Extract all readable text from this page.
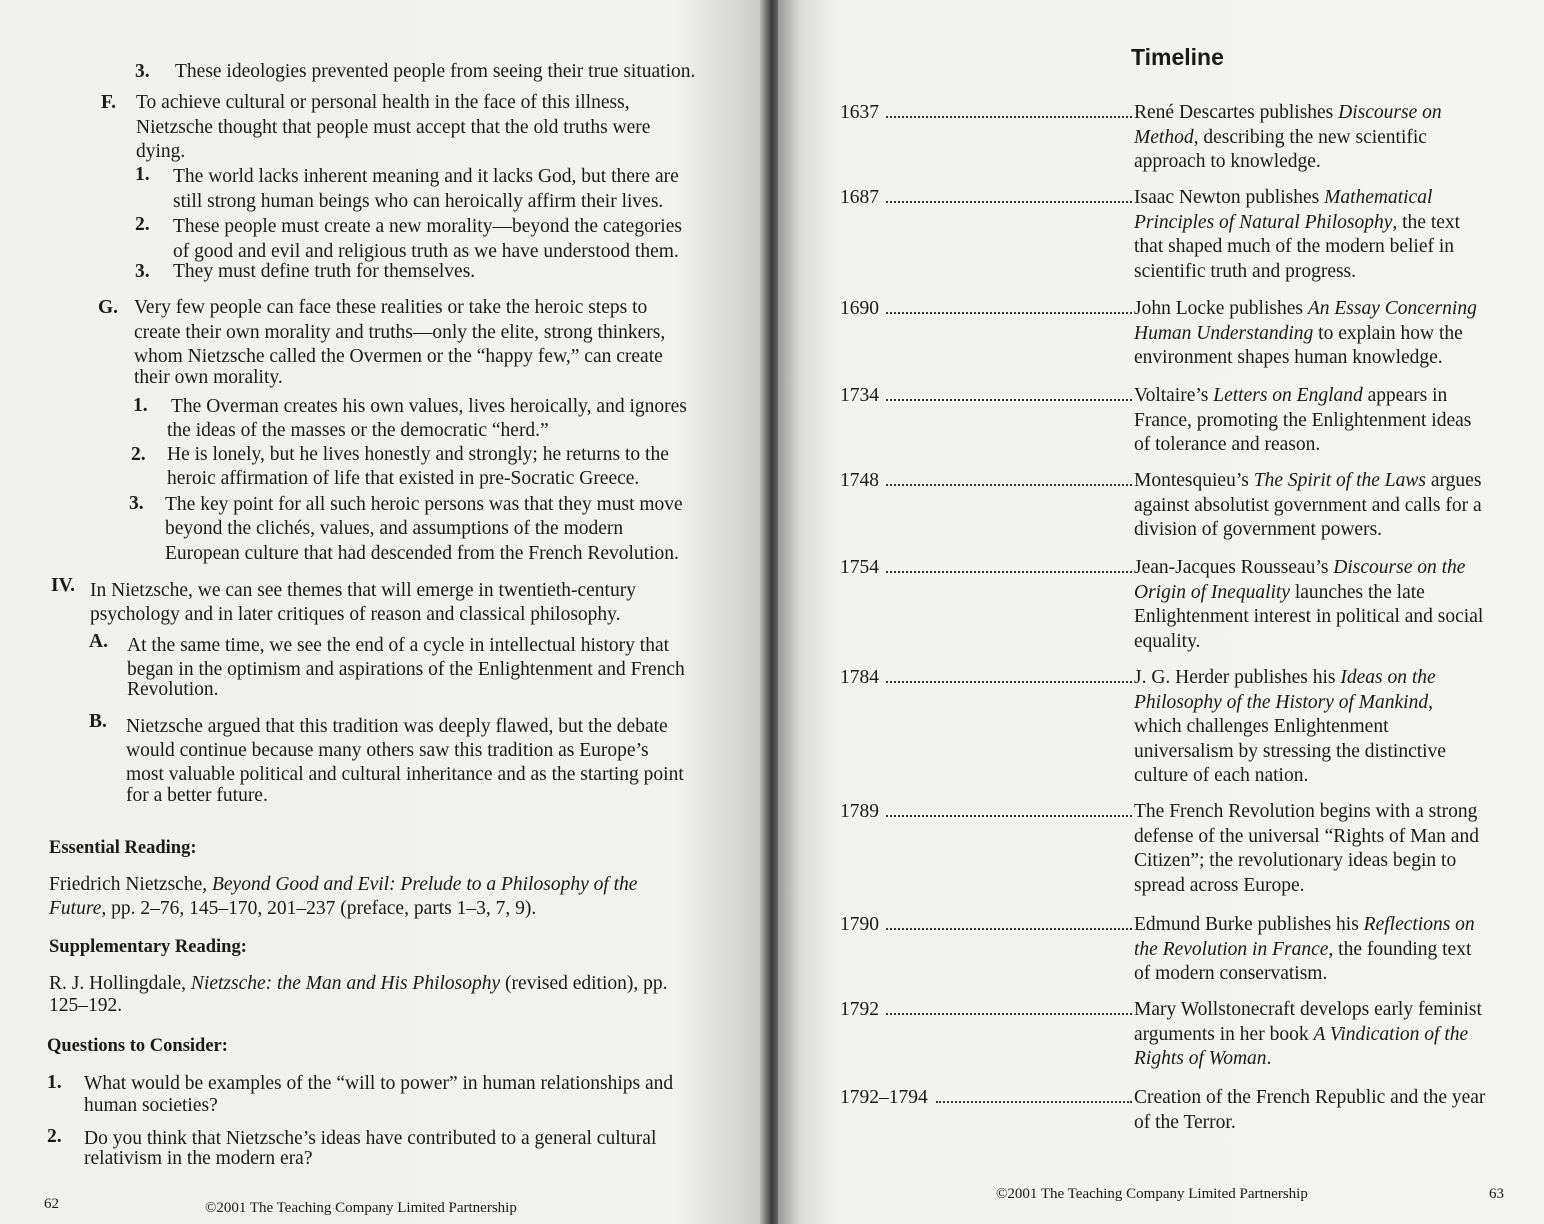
3. These ideologies prevented people from seeing their true situation.
F. To achieve cultural or personal health in the face of this illness,
Nietzsche thought that people must accept that the old truths were
dying.
1. The world lacks inherent meaning and it lacks God, but there are
still strong human beings who can heroically affirm their lives.
2. These people must create a new morality—beyond the categories
of good and evil and religious truth as we have understood them.
3. They must define truth for themselves.
G. Very few people can face these realities or take the heroic steps to
create their own morality and truths—only the elite, strong thinkers,
whom Nietzsche called the Overmen or the “happy few,” can create
their own morality.
1. The Overman creates his own values, lives heroically, and ignores
the ideas of the masses or the democratic “herd.”
2. He is lonely, but he lives honestly and strongly; he returns to the
heroic affirmation of life that existed in pre-Socratic Greece.
3. The key point for all such heroic persons was that they must move
beyond the clichés, values, and assumptions of the modern
European culture that had descended from the French Revolution.
IV. In Nietzsche, we can see themes that will emerge in twentieth-century
psychology and in later critiques of reason and classical philosophy.
A. At the same time, we see the end of a cycle in intellectual history that
began in the optimism and aspirations of the Enlightenment and French
Revolution.
B. Nietzsche argued that this tradition was deeply flawed, but the debate
would continue because many others saw this tradition as Europe’s
most valuable political and cultural inheritance and as the starting point
for a better future.
Essential Reading:
Friedrich Nietzsche, Beyond Good and Evil: Prelude to a Philosophy of the
Future, pp. 2–76, 145–170, 201–237 (preface, parts 1–3, 7, 9).
Supplementary Reading:
R. J. Hollingdale, Nietzsche: the Man and His Philosophy (revised edition), pp.
125–192.
Questions to Consider:
1. What would be examples of the “will to power” in human relationships and
human societies?
2. Do you think that Nietzsche’s ideas have contributed to a general cultural
relativism in the modern era?
62	©2001 The Teaching Company Limited Partnership
Timeline
1637	René Descartes publishes Discourse on
Method, describing the new scientific
approach to knowledge.
1687	Isaac Newton publishes Mathematical
Principles of Natural Philosophy, the text
that shaped much of the modern belief in
scientific truth and progress.
1690	John Locke publishes An Essay Concerning
Human Understanding to explain how the
environment shapes human knowledge.
1734	Voltaire’s Letters on England appears in
France, promoting the Enlightenment ideas
of tolerance and reason.
1748	Montesquieu’s The Spirit of the Laws argues
against absolutist government and calls for a
division of government powers.
1754	Jean-Jacques Rousseau’s Discourse on the
Origin of Inequality launches the late
Enlightenment interest in political and social
equality.
1784	J. G. Herder publishes his Ideas on the
Philosophy of the History of Mankind,
which challenges Enlightenment
universalism by stressing the distinctive
culture of each nation.
1789	The French Revolution begins with a strong
defense of the universal “Rights of Man and
Citizen”; the revolutionary ideas begin to
spread across Europe.
1790	Edmund Burke publishes his Reflections on
the Revolution in France, the founding text
of modern conservatism.
1792	Mary Wollstonecraft develops early feminist
arguments in her book A Vindication of the
Rights of Woman.
1792–1794	Creation of the French Republic and the year
of the Terror.
©2001 The Teaching Company Limited Partnership	63
